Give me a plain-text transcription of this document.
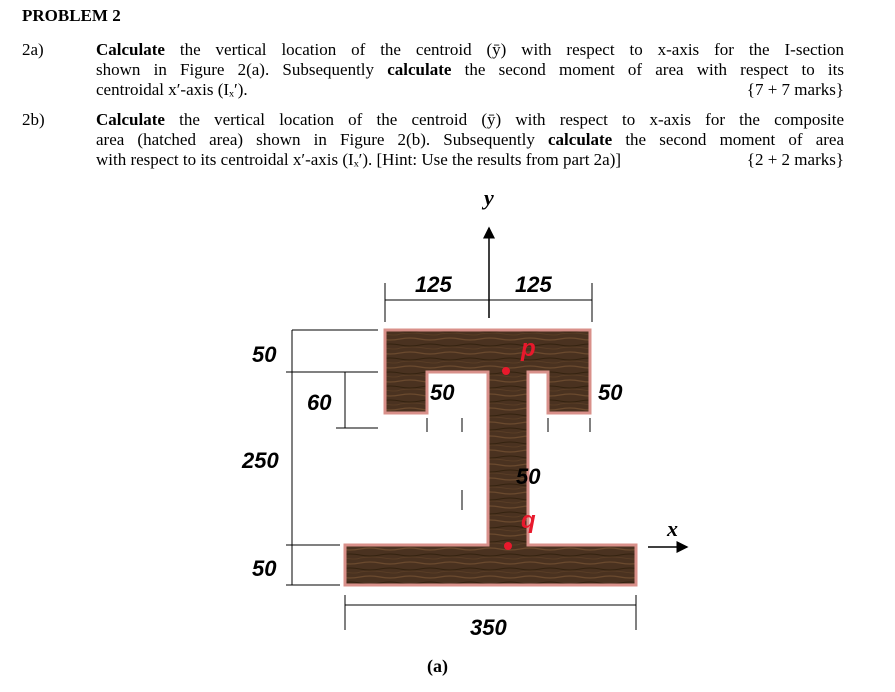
PROBLEM 2
2a)	Calculate the vertical location of the centroid (ȳ) with respect to x-axis for the I-section
shown in Figure 2(a). Subsequently calculate the second moment of area with respect to its
centroidal x′-axis (Iₓ′).	{7 + 7 marks}
2b)	Calculate the vertical location of the centroid (ȳ) with respect to x-axis for the composite
area (hatched area) shown in Figure 2(b). Subsequently calculate the second moment of area
with respect to its centroidal x′-axis (Iₓ′). [Hint: Use the results from part 2a)]	{2 + 2 marks}
y
x
125	125
50
250
50
60	50	50
50
350
p
q
(a)
